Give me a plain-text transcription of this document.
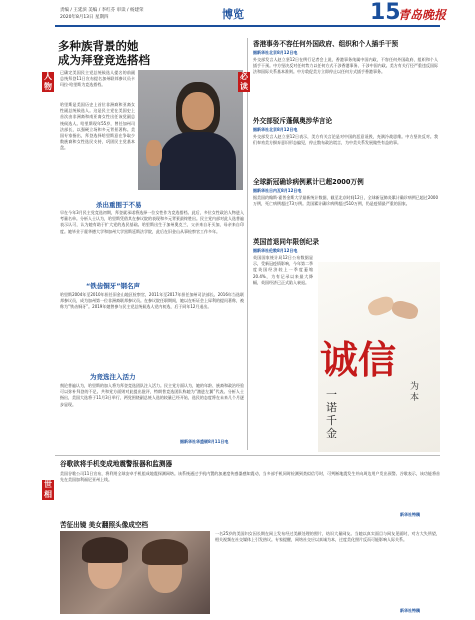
责编 / 王延滨 美编 / 李红芬 审读 / 杨建荣
2020年8月13日 星期四	博览	15
青岛晚报
人
物
多种族背景的她
成为拜登竞选搭档
已确定美国民主党总统候选人提名的前副总统拜登11日宣布提名加州联邦参议员卡玛拉·哈里斯为竞选搭档。
哈里斯是美国历史上首位非洲裔和亚裔女性副总统候选人。这是民主党在美国史上首次由非洲裔和南亚裔女性出任该党副总统候选人。哈里斯现年55岁，曾任加州司法部长，以强硬立场和多元背景著称。美国专家指出，拜登选择哈里斯意在争取少数族裔和女性选民支持，巩固民主党基本盘。
杀出重围于不易
早在今年3月民主党竞选初期，拜登就承诺将选择一位女性作为竞选搭档。此后，多位女性政治人物进入考量名单。分析人士认为，哈里斯凭借其在参议院的表现和多元背景最终胜出。民主党内部对此人选普遍表示认可，认为她有助于扩大党的选民基础。哈里斯出生于加州奥克兰，父亲来自牙买加，母亲来自印度。她毕业于霍华德大学和加州大学黑斯廷斯法学院，此后在旧金山从事检察官工作多年。
“铁齿铜牙”钢名声
哈里斯2004年至2010年担任旧金山地区检察官，2011年至2017年担任加州司法部长。2016年当选联邦参议员，成为加州第一位非洲裔联邦参议员。在参议院任职期间，她以在听证会上犀利的提问著称，被称为“铁齿铜牙”。2019年她曾参与民主党总统候选人党内初选，后于同年12月退出。
为竞选注入活力
舆论普遍认为，哈里斯的加入将为拜登竞选团队注入活力。民主党方面认为，她的年龄、族裔和政治经验可以弥补拜登的不足。共和党方面则对此提出批评，特朗普竞选团队称她为“激进左翼”代表。分析人士指出，美国大选将于11月3日举行，两党围绕副总统人选的较量已经开始，选民的态度将在未来几个月逐步显现。
据新华社华盛顿8月11日电
必
读
香港事务不容任何外国政府、组织和个人插手干预
据新华社北京8月12日电
外交部发言人赵立坚12日在例行记者会上说，香港事务纯属中国内政，不容任何外国政府、组织和个人插手干预。中方坚决反对任何势力以任何方式干涉香港事务、干涉中国内政。美方有关行径严重违反国际法和国际关系基本准则。中方敦促美方立即停止以任何方式插手香港事务。
外交部驳斥蓬佩奥涉华言论
据新华社北京8月12日电
外交部发言人赵立坚12日表示，美方有关言论是对中国的恶意诋毁，充满冷战思维。中方坚决反对。我们奉劝美方摒弃意识形态偏见，停止散布政治谎言，为中美关系发展做些有益的事。
全球新冠确诊病例累计已超2000万例
据新华社日内瓦8月12日电
据美国约翰斯·霍普金斯大学最新统计数据，截至北京时间12日，全球新冠肺炎累计确诊病例已超过2000万例，死亡病例超过73万例。美国累计确诊病例超过510万例，仍是疫情最严重的国家。
英国首退同年限创纪录
据新华社伦敦8月12日电
英国国家统计局12日公布数据显示，受新冠疫情影响，今年第二季度英国经济较上一季度萎缩20.4%，为有记录以来最大降幅，英国经济已正式陷入衰退。
诚信
为本
一诺千金
世
相
谷歌欲将手机变成地震警报器和监测器
美国谷歌公司11日宣布，将利用全球安卓手机组成地震探测网络。该系统通过手机内置的加速度传感器感知震动，当多部手机同时检测到类似信号时，可判断地震发生并向周边用户发出预警。谷歌表示，该功能将首先在美国加利福尼亚州上线。
新华社特稿
苦征出镜 美女翻照头像成空档
一名25岁的美国妇女因长期在网上发布经过美颜处理的照片，结识大量网友。当她以真实面目与网友见面时，对方大失所望，相关视频在社交媒体上引发热议。专家提醒，网络社交应以真诚为本，过度美化照片反而可能影响人际关系。
新华社特稿
